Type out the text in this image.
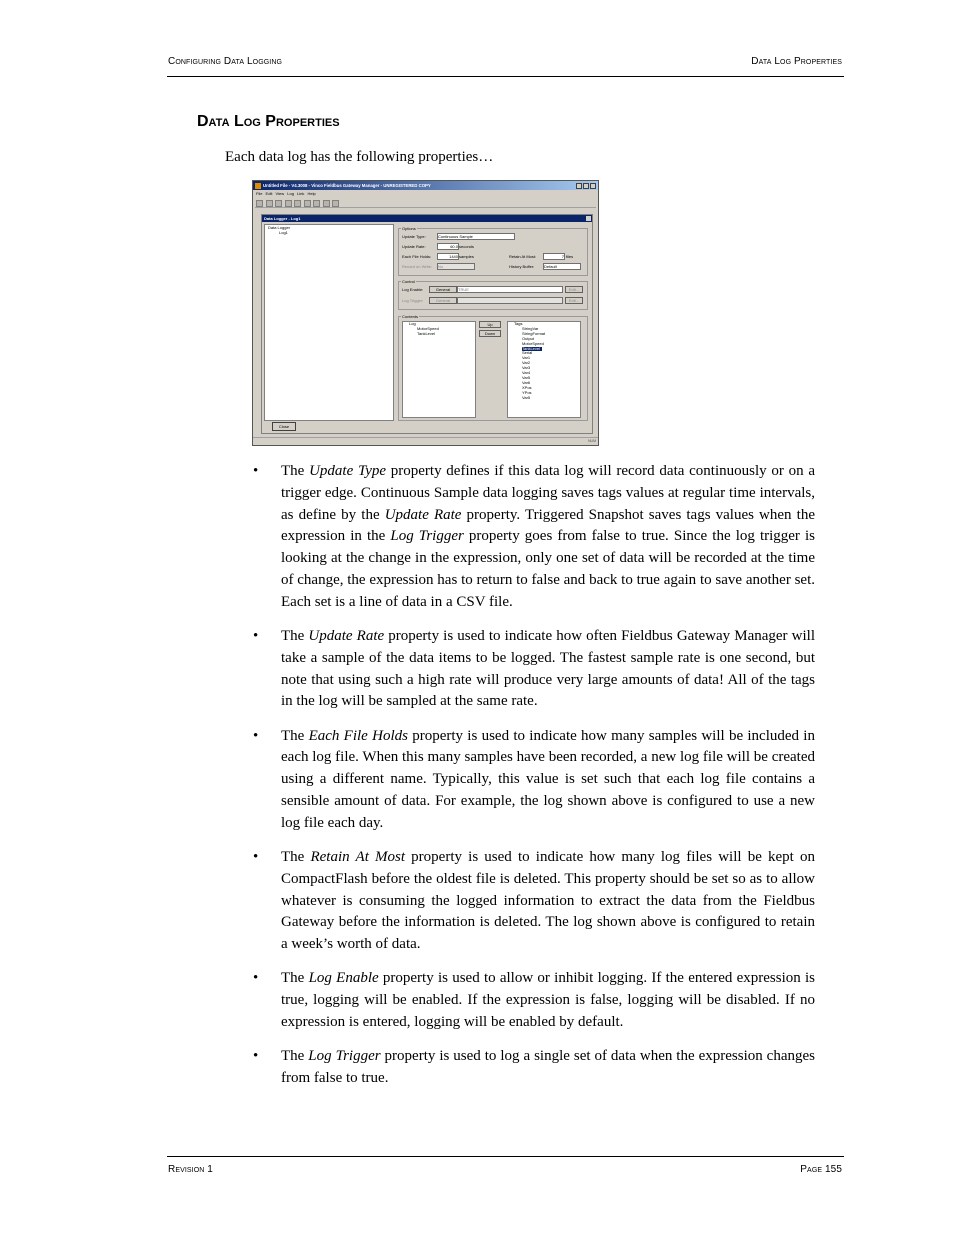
Configuring Data Logging	Data Log Properties
Data Log Properties
Each data log has the following properties…
Untitled File - V4.3008 - Vinco Fieldbus Gateway Manager - UNREGISTERED COPY
File Edit View Log Link Help
Data Logger - Log1
Data Logger
Log1
Close
Options
Update Type:	Continuous Sample
Update Rate:	60.0 seconds
Each File Holds:	1440 samples	Retain At Most:	7 files
Record on Write: No	History Buffer: Default
Control
Log Enable:	General	TRUE	Edit...
Log Trigger:	General	Edit...
Contents
Log
MotorSpeed
TankLevel
Up
Down
Tags
StringVar
StringFormat
Output
MotorSpeed
TankLevel
Serial
Var1
Var2
Var3
Var4
Var5
Var6
XPos
YPos
Var5
NUM
• The Update Type property defines if this data log will record data continuously or on a trigger edge. Continuous Sample data logging saves tags values at regular time intervals, as define by the Update Rate property. Triggered Snapshot saves tags values when the expression in the Log Trigger property goes from false to true. Since the log trigger is looking at the change in the expression, only one set of data will be recorded at the time of change, the expression has to return to false and back to true again to save another set. Each set is a line of data in a CSV file.
• The Update Rate property is used to indicate how often Fieldbus Gateway Manager will take a sample of the data items to be logged. The fastest sample rate is one second, but note that using such a high rate will produce very large amounts of data! All of the tags in the log will be sampled at the same rate.
• The Each File Holds property is used to indicate how many samples will be included in each log file. When this many samples have been recorded, a new log file will be created using a different name. Typically, this value is set such that each log file contains a sensible amount of data. For example, the log shown above is configured to use a new log file each day.
• The Retain At Most property is used to indicate how many log files will be kept on CompactFlash before the oldest file is deleted. This property should be set so as to allow whatever is consuming the logged information to extract the data from the Fieldbus Gateway before the information is deleted. The log shown above is configured to retain a week’s worth of data.
• The Log Enable property is used to allow or inhibit logging. If the entered expression is true, logging will be enabled. If the expression is false, logging will be disabled. If no expression is entered, logging will be enabled by default.
• The Log Trigger property is used to log a single set of data when the expression changes from false to true.
Revision 1	Page 155
